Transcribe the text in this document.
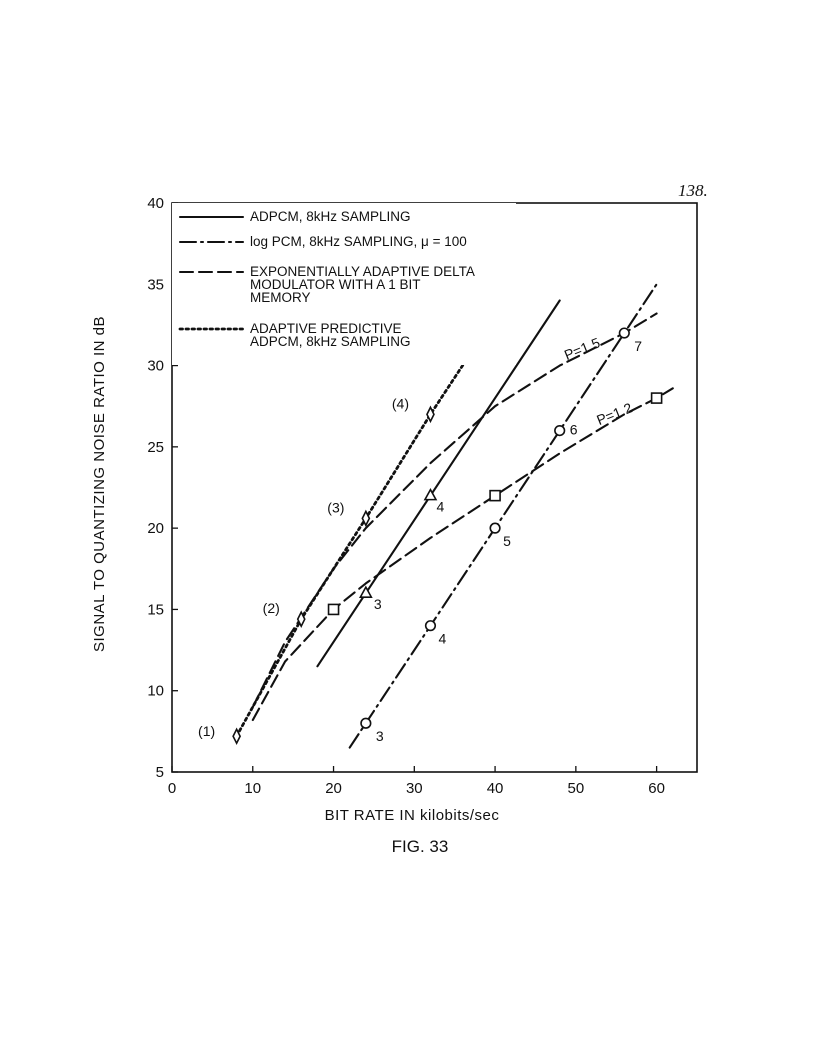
138.
0	10	20	30	40	50	60
5
10
15
20
25
30
35
40
3
4
3
4
5
6
7
P=1.5
P=1.2
(1)
(2)
(3)
(4)
ADPCM, 8kHz SAMPLING
log PCM, 8kHz SAMPLING, μ = 100
EXPONENTIALLY ADAPTIVE DELTA
MODULATOR WITH A 1 BIT
MEMORY
ADAPTIVE PREDICTIVE
ADPCM, 8kHz SAMPLING
BIT RATE IN kilobits/sec
SIGNAL TO QUANTIZING NOISE RATIO IN dB
FIG. 33
